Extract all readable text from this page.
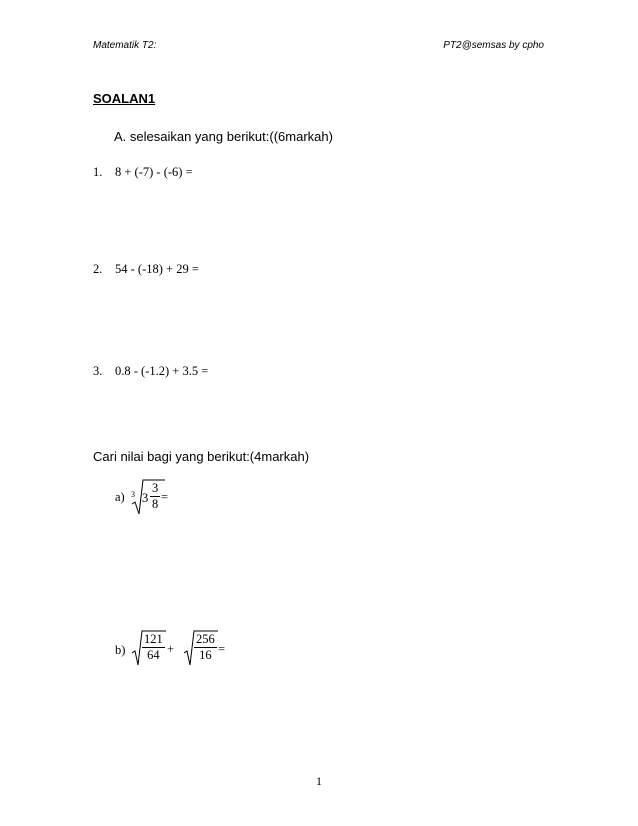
Matematik T2:	PT2@semsas by cpho
SOALAN1
A. selesaikan yang berikut:((6markah)
1. 8 + (-7) - (-6) =
2. 54 - (-18) + 29 =
3. 0.8 - (-1.2) + 3.5 =
Cari nilai bagi yang berikut:(4markah)
a) 3 $3 \frac{3}{8}$ =
$b) \frac{121}{64} + \frac{256}{16}$ =
1
